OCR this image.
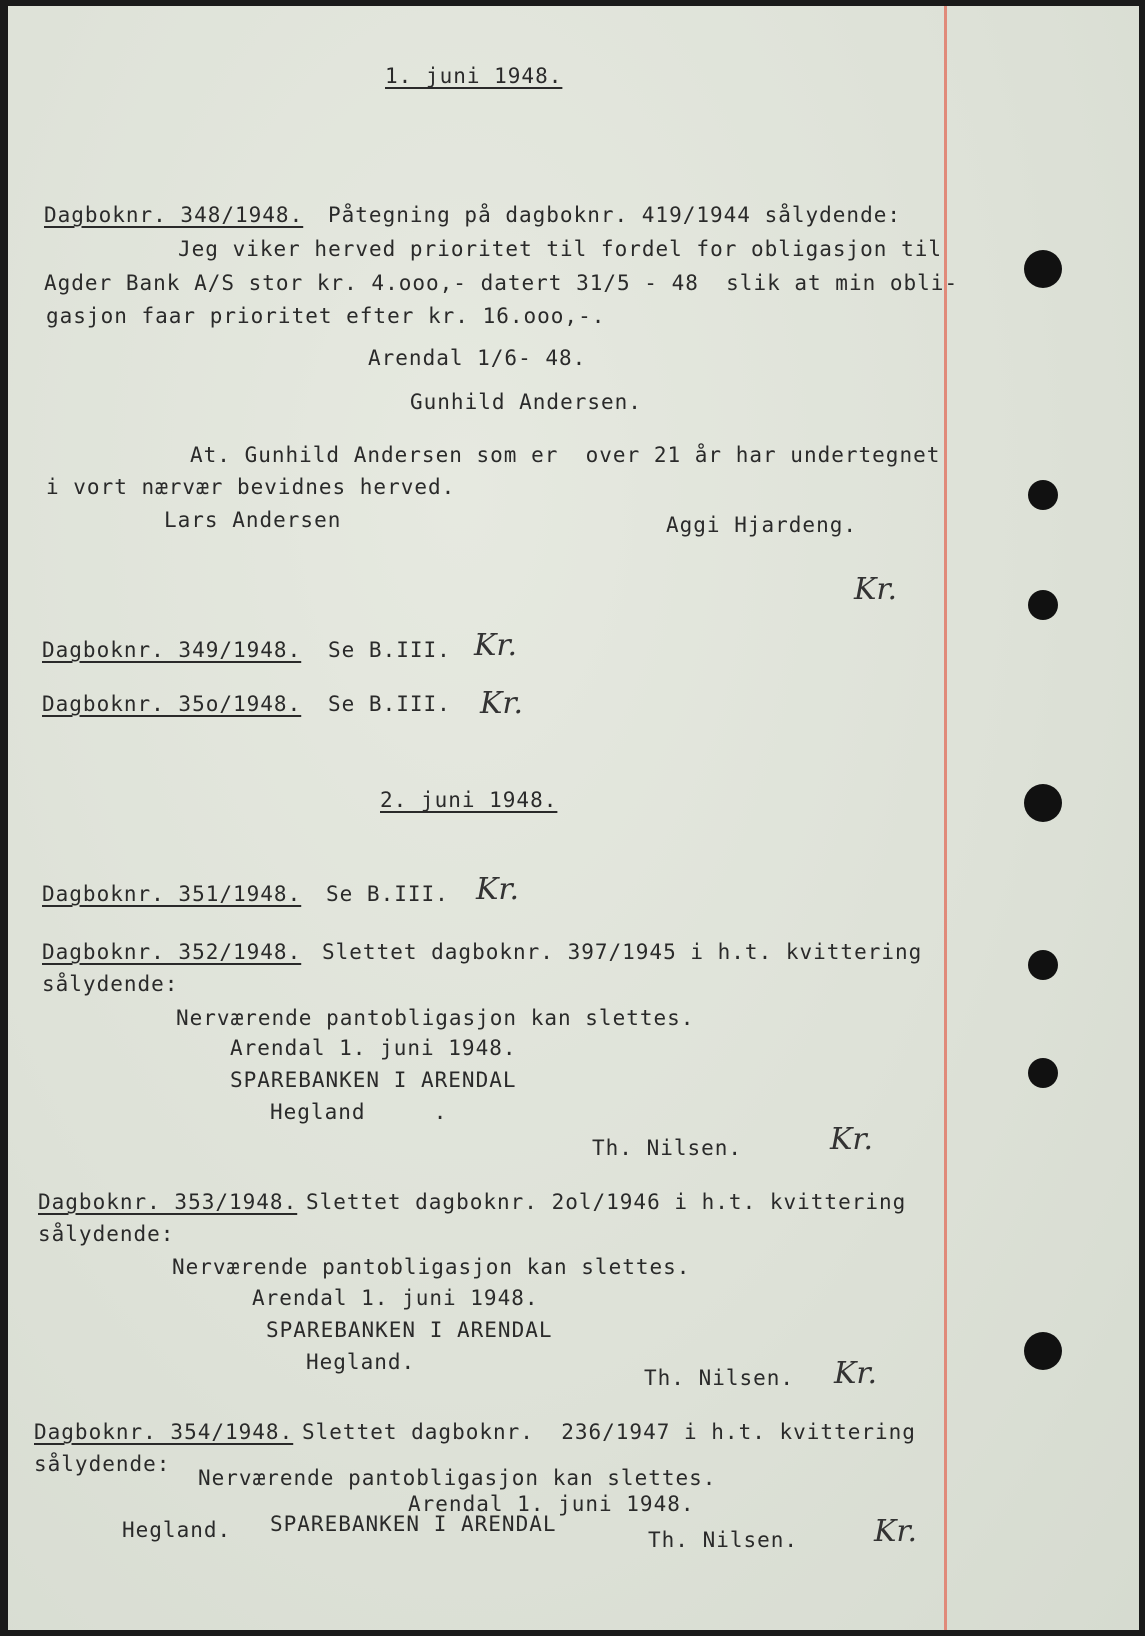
1. juni 1948.
Dagboknr. 348/1948. Påtegning på dagboknr. 419/1944 sålydende:
Jeg viker herved prioritet til fordel for obligasjon til
Agder Bank A/S stor kr. 4.ooo,- datert 31/5 - 48  slik at min obli-
gasjon faar prioritet efter kr. 16.ooo,-.
Arendal 1/6- 48.
Gunhild Andersen.
At. Gunhild Andersen som er  over 21 år har undertegnet
i vort nærvær bevidnes herved.
Lars Andersen	Aggi Hjardeng.
Kr.
Dagboknr. 349/1948. Se B.III. Kr.
Dagboknr. 35o/1948. Se B.III. Kr.
2. juni 1948.
Dagboknr. 351/1948. Se B.III. Kr.
Dagboknr. 352/1948. Slettet dagboknr. 397/1945 i h.t. kvittering
sålydende:
Nerværende pantobligasjon kan slettes.
Arendal 1. juni 1948.
SPAREBANKEN I ARENDAL
Hegland     .
Th. Nilsen.	Kr.
Dagboknr. 353/1948. Slettet dagboknr. 2ol/1946 i h.t. kvittering
sålydende:
Nerværende pantobligasjon kan slettes.
Arendal 1. juni 1948.
SPAREBANKEN I ARENDAL
Hegland.
Th. Nilsen. Kr.
Dagboknr. 354/1948. Slettet dagboknr.  236/1947 i h.t. kvittering
sålydende:
Nerværende pantobligasjon kan slettes.
Arendal 1. juni 1948.
Hegland. SPAREBANKEN I ARENDAL
Th. Nilsen.	Kr.
